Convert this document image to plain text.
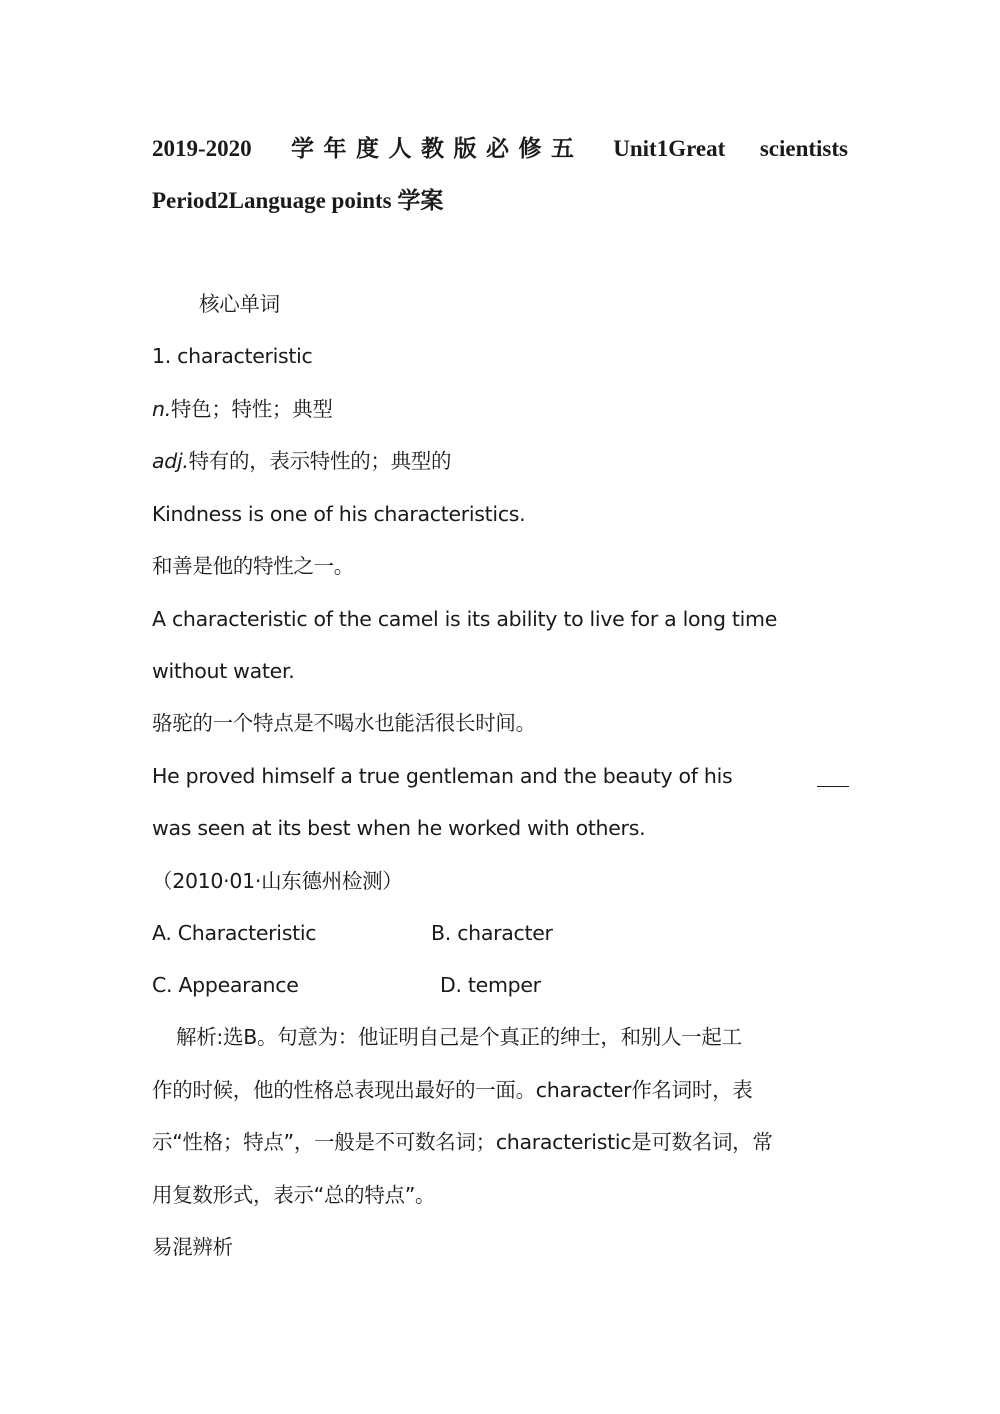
2019-2020 学 年 度 人 教 版 必 修 五 Unit1Great scientists
Period2Language points 学案
核心单词
1. characteristic
n.特色；特性；典型
adj.特有的，表示特性的；典型的
Kindness is one of his characteristics.
和善是他的特性之一。
A characteristic of the camel is its ability to live for a long time
without water.
骆驼的一个特点是不喝水也能活很长时间。
He proved himself a true gentleman and the beauty of his
was seen at its best when he worked with others.
（2010·01·山东德州检测）
A. Characteristic	B. character
C. Appearance	D. temper
解析:选B。句意为：他证明自己是个真正的绅士，和别人一起工
作的时候，他的性格总表现出最好的一面。character作名词时，表
示“性格；特点”，一般是不可数名词；characteristic是可数名词，常
用复数形式，表示“总的特点”。
易混辨析
